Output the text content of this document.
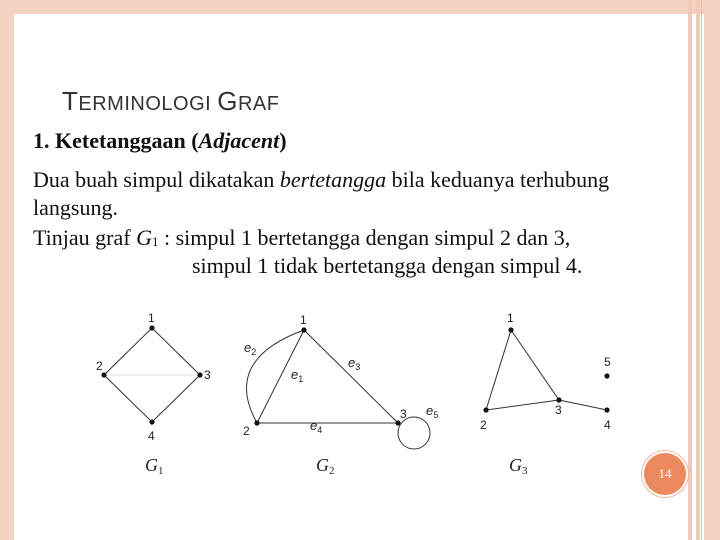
TERMINOLOGI GRAF
1. Ketetanggaan (Adjacent)
Dua buah simpul dikatakan bertetangga bila keduanya terhubung
langsung.
Tinjau graf G1 : simpul 1 bertetangga dengan simpul 2 dan 3,
simpul 1 tidak bertetangga dengan simpul 4.
1
2
3
4
G1
1
2
3
$e_1$
$e_2$
$e_3$
$e_4$
$e_5$
G2
1
2
3
4
5
G3	14
